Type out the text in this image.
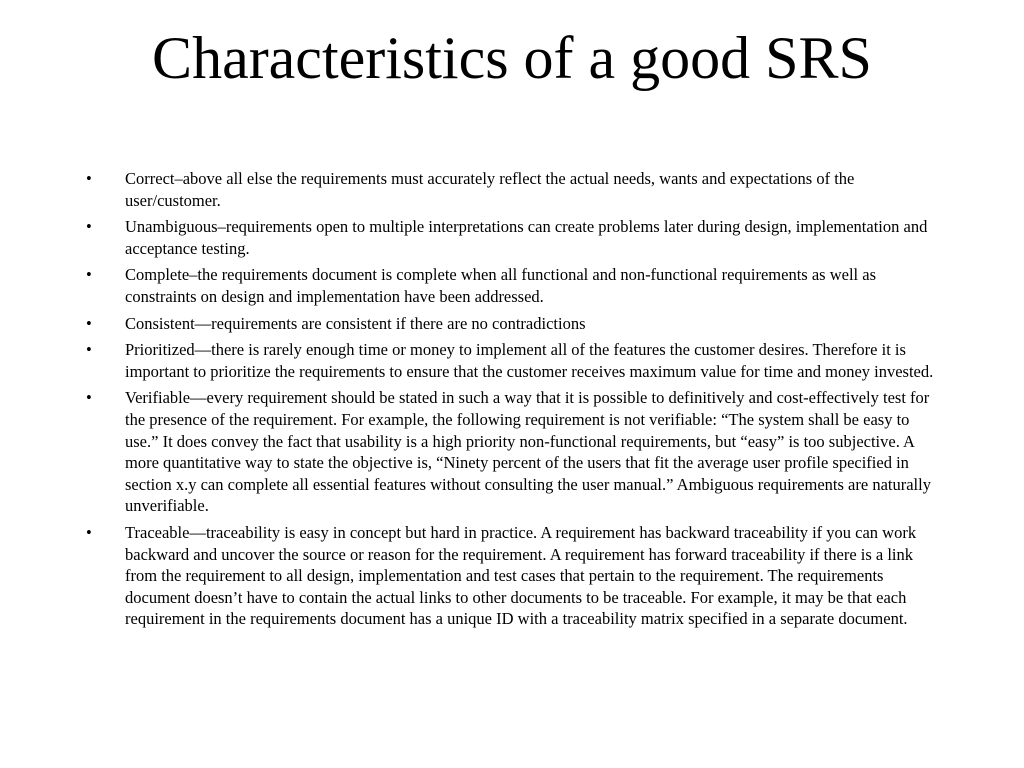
Characteristics of a good SRS
• Correct–above all else the requirements must accurately reflect the actual needs, wants and expectations of the user/customer.
• Unambiguous–requirements open to multiple interpretations can create problems later during design, implementation and acceptance testing.
• Complete–the requirements document is complete when all functional and non-functional requirements as well as constraints on design and implementation have been addressed.
• Consistent—requirements are consistent if there are no contradictions
• Prioritized—there is rarely enough time or money to implement all of the features the customer desires. Therefore it is important to prioritize the requirements to ensure that the customer receives maximum value for time and money invested.
• Verifiable—every requirement should be stated in such a way that it is possible to definitively and cost-effectively test for the presence of the requirement. For example, the following requirement is not verifiable: “The system shall be easy to use.” It does convey the fact that usability is a high priority non-functional requirements, but “easy” is too subjective. A more quantitative way to state the objective is, “Ninety percent of the users that fit the average user profile specified in section x.y can complete all essential features without consulting the user manual.” Ambiguous requirements are naturally unverifiable.
• Traceable—traceability is easy in concept but hard in practice. A requirement has backward traceability if you can work backward and uncover the source or reason for the requirement. A requirement has forward traceability if there is a link from the requirement to all design, implementation and test cases that pertain to the requirement. The requirements document doesn’t have to contain the actual links to other documents to be traceable. For example, it may be that each requirement in the requirements document has a unique ID with a traceability matrix specified in a separate document.
